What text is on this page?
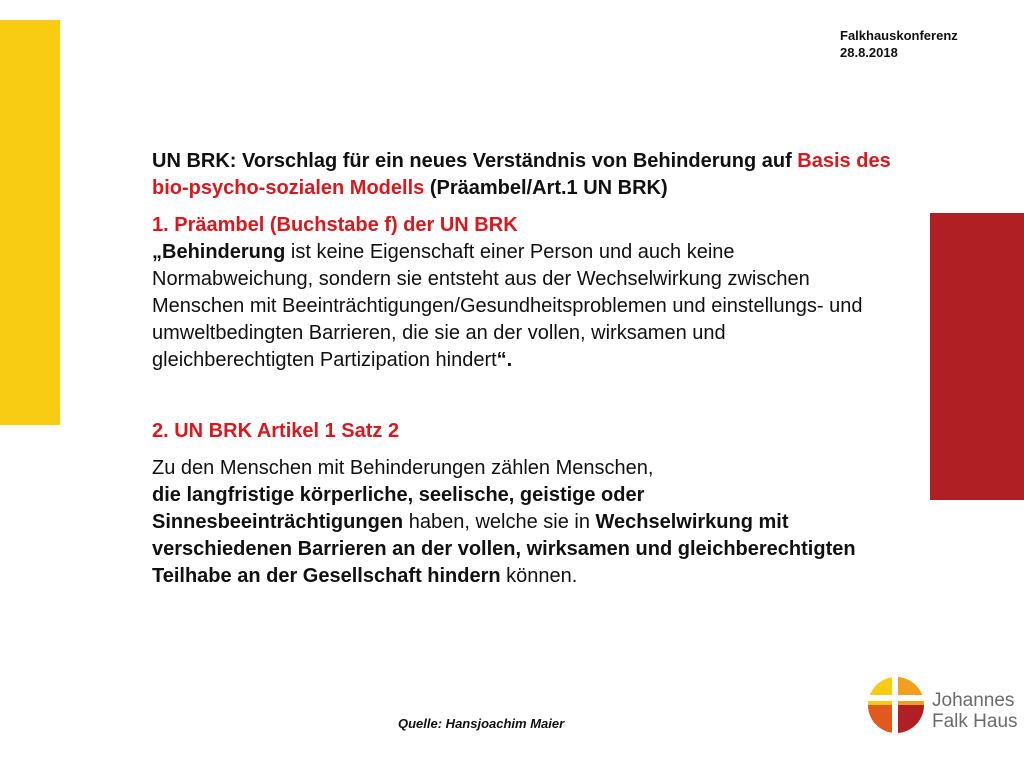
Falkhauskonferenz
28.8.2018

UN BRK: Vorschlag für ein neues Verständnis von Behinderung auf Basis des bio-psycho-sozialen Modells (Präambel/Art.1 UN BRK)

1. Präambel (Buchstabe f) der UN BRK

„Behinderung ist keine Eigenschaft einer Person und auch keine Normabweichung, sondern sie entsteht aus der Wechselwirkung zwischen Menschen mit Beeinträchtigungen/Gesundheitsproblemen und einstellungs- und umweltbedingten Barrieren, die sie an der vollen, wirksamen und gleichberechtigten Partizipation hindert“.

2. UN BRK Artikel 1 Satz 2

Zu den Menschen mit Behinderungen zählen Menschen,
die langfristige körperliche, seelische, geistige oder Sinnesbeeinträchtigungen haben, welche sie in Wechselwirkung mit verschiedenen Barrieren an der vollen, wirksamen und gleichberechtigten Teilhabe an der Gesellschaft hindern können.

Quelle: Hansjoachim Maier
Johannes
Falk Haus
